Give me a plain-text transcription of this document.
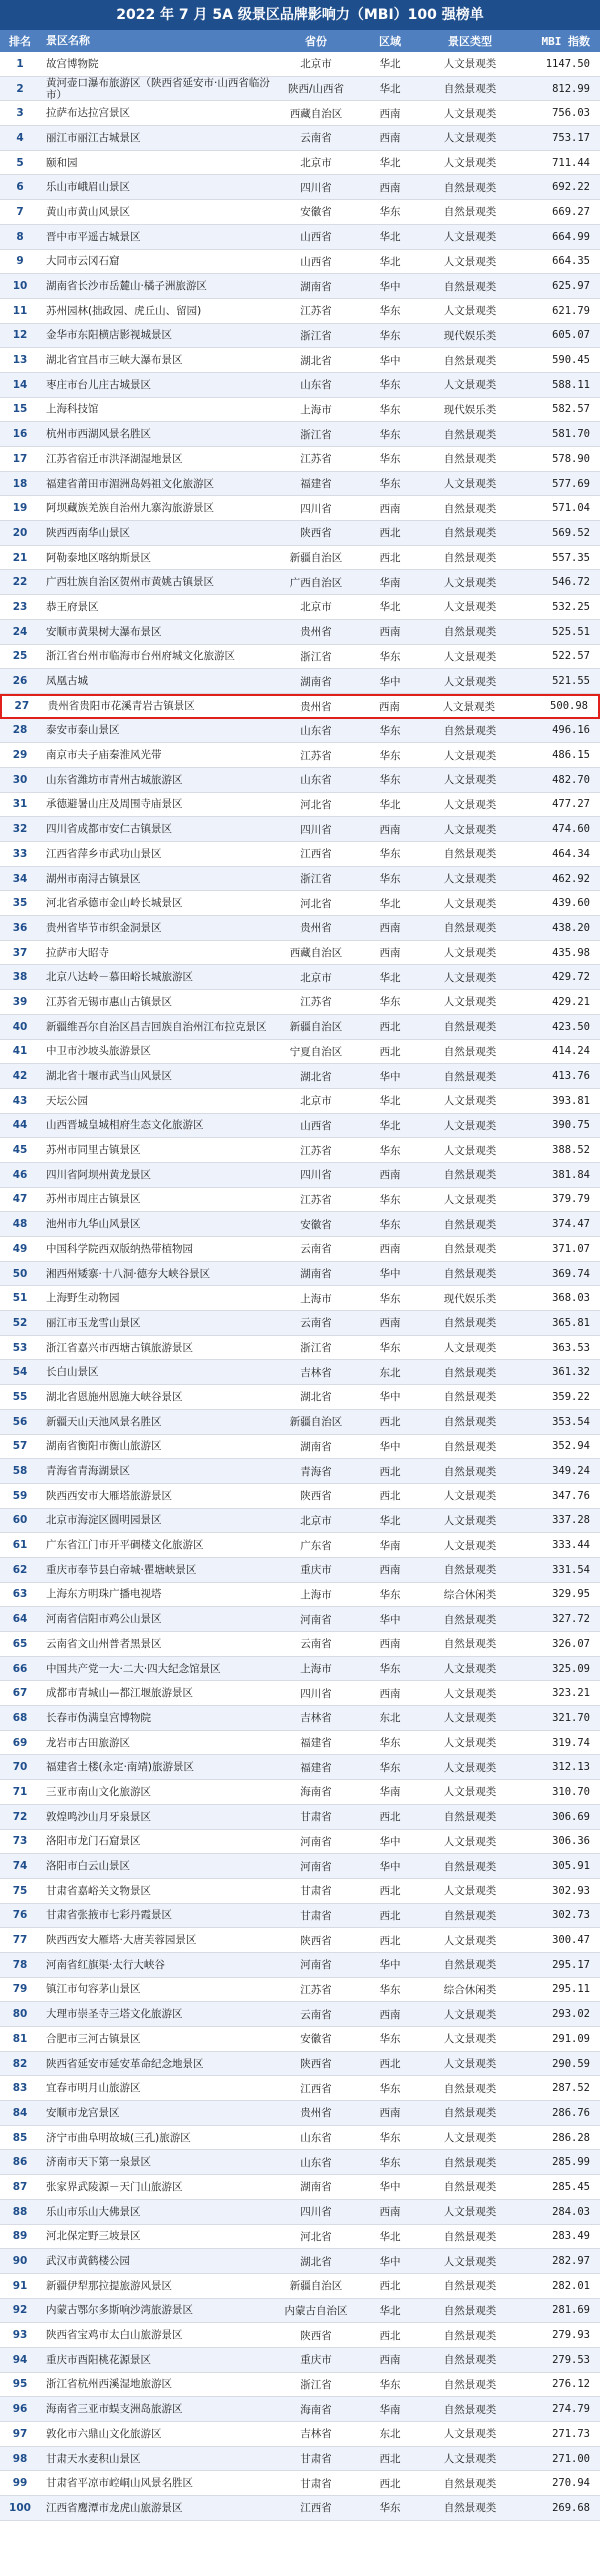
2022 年 7 月 5A 级景区品牌影响力（MBI）100 强榜单
排名	景区名称	省份	区域	景区类型	MBI 指数
1	故宫博物院	北京市	华北	人文景观类	1147.50
2	黄河壶口瀑布旅游区（陕西省延安市·山西省临汾市）	陕西/山西省	华北	自然景观类	812.99
3	拉萨布达拉宫景区	西藏自治区	西南	人文景观类	756.03
4	丽江市丽江古城景区	云南省	西南	人文景观类	753.17
5	颐和园	北京市	华北	人文景观类	711.44
6	乐山市峨眉山景区	四川省	西南	自然景观类	692.22
7	黄山市黄山风景区	安徽省	华东	自然景观类	669.27
8	晋中市平遥古城景区	山西省	华北	人文景观类	664.99
9	大同市云冈石窟	山西省	华北	人文景观类	664.35
10	湖南省长沙市岳麓山·橘子洲旅游区	湖南省	华中	自然景观类	625.97
11	苏州园林(拙政园、虎丘山、留园)	江苏省	华东	人文景观类	621.79
12	金华市东阳横店影视城景区	浙江省	华东	现代娱乐类	605.07
13	湖北省宜昌市三峡大瀑布景区	湖北省	华中	自然景观类	590.45
14	枣庄市台儿庄古城景区	山东省	华东	人文景观类	588.11
15	上海科技馆	上海市	华东	现代娱乐类	582.57
16	杭州市西湖风景名胜区	浙江省	华东	自然景观类	581.70
17	江苏省宿迁市洪泽湖湿地景区	江苏省	华东	自然景观类	578.90
18	福建省莆田市湄洲岛妈祖文化旅游区	福建省	华东	人文景观类	577.69
19	阿坝藏族羌族自治州九寨沟旅游景区	四川省	西南	自然景观类	571.04
20	陕西西南华山景区	陕西省	西北	自然景观类	569.52
21	阿勒泰地区喀纳斯景区	新疆自治区	西北	自然景观类	557.35
22	广西壮族自治区贺州市黄姚古镇景区	广西自治区	华南	人文景观类	546.72
23	恭王府景区	北京市	华北	人文景观类	532.25
24	安顺市黄果树大瀑布景区	贵州省	西南	自然景观类	525.51
25	浙江省台州市临海市台州府城文化旅游区	浙江省	华东	人文景观类	522.57
26	凤凰古城	湖南省	华中	人文景观类	521.55
27	贵州省贵阳市花溪青岩古镇景区	贵州省	西南	人文景观类	500.98
28	泰安市泰山景区	山东省	华东	自然景观类	496.16
29	南京市夫子庙秦淮风光带	江苏省	华东	人文景观类	486.15
30	山东省潍坊市青州古城旅游区	山东省	华东	人文景观类	482.70
31	承德避暑山庄及周围寺庙景区	河北省	华北	人文景观类	477.27
32	四川省成都市安仁古镇景区	四川省	西南	人文景观类	474.60
33	江西省萍乡市武功山景区	江西省	华东	自然景观类	464.34
34	湖州市南浔古镇景区	浙江省	华东	人文景观类	462.92
35	河北省承德市金山岭长城景区	河北省	华北	人文景观类	439.60
36	贵州省毕节市织金洞景区	贵州省	西南	自然景观类	438.20
37	拉萨市大昭寺	西藏自治区	西南	人文景观类	435.98
38	北京八达岭－慕田峪长城旅游区	北京市	华北	人文景观类	429.72
39	江苏省无锡市惠山古镇景区	江苏省	华东	人文景观类	429.21
40	新疆维吾尔自治区昌吉回族自治州江布拉克景区	新疆自治区	西北	自然景观类	423.50
41	中卫市沙坡头旅游景区	宁夏自治区	西北	自然景观类	414.24
42	湖北省十堰市武当山风景区	湖北省	华中	自然景观类	413.76
43	天坛公园	北京市	华北	人文景观类	393.81
44	山西晋城皇城相府生态文化旅游区	山西省	华北	人文景观类	390.75
45	苏州市同里古镇景区	江苏省	华东	人文景观类	388.52
46	四川省阿坝州黄龙景区	四川省	西南	自然景观类	381.84
47	苏州市周庄古镇景区	江苏省	华东	人文景观类	379.79
48	池州市九华山风景区	安徽省	华东	自然景观类	374.47
49	中国科学院西双版纳热带植物园	云南省	西南	自然景观类	371.07
50	湘西州矮寨·十八洞·德夯大峡谷景区	湖南省	华中	自然景观类	369.74
51	上海野生动物园	上海市	华东	现代娱乐类	368.03
52	丽江市玉龙雪山景区	云南省	西南	自然景观类	365.81
53	浙江省嘉兴市西塘古镇旅游景区	浙江省	华东	人文景观类	363.53
54	长白山景区	吉林省	东北	自然景观类	361.32
55	湖北省恩施州恩施大峡谷景区	湖北省	华中	自然景观类	359.22
56	新疆天山天池风景名胜区	新疆自治区	西北	自然景观类	353.54
57	湖南省衡阳市衡山旅游区	湖南省	华中	自然景观类	352.94
58	青海省青海湖景区	青海省	西北	自然景观类	349.24
59	陕西西安市大雁塔旅游景区	陕西省	西北	人文景观类	347.76
60	北京市海淀区圆明园景区	北京市	华北	人文景观类	337.28
61	广东省江门市开平碉楼文化旅游区	广东省	华南	人文景观类	333.44
62	重庆市奉节县白帝城·瞿塘峡景区	重庆市	西南	自然景观类	331.54
63	上海东方明珠广播电视塔	上海市	华东	综合休闲类	329.95
64	河南省信阳市鸡公山景区	河南省	华中	自然景观类	327.72
65	云南省文山州普者黑景区	云南省	西南	自然景观类	326.07
66	中国共产党一大·二大·四大纪念馆景区	上海市	华东	人文景观类	325.09
67	成都市青城山—都江堰旅游景区	四川省	西南	人文景观类	323.21
68	长春市伪满皇宫博物院	吉林省	东北	人文景观类	321.70
69	龙岩市古田旅游区	福建省	华东	人文景观类	319.74
70	福建省土楼(永定·南靖)旅游景区	福建省	华东	人文景观类	312.13
71	三亚市南山文化旅游区	海南省	华南	人文景观类	310.70
72	敦煌鸣沙山月牙泉景区	甘肃省	西北	自然景观类	306.69
73	洛阳市龙门石窟景区	河南省	华中	人文景观类	306.36
74	洛阳市白云山景区	河南省	华中	自然景观类	305.91
75	甘肃省嘉峪关文物景区	甘肃省	西北	人文景观类	302.93
76	甘肃省张掖市七彩丹霞景区	甘肃省	西北	自然景观类	302.73
77	陕西西安大雁塔·大唐芙蓉园景区	陕西省	西北	人文景观类	300.47
78	河南省红旗渠·太行大峡谷	河南省	华中	自然景观类	295.17
79	镇江市句容茅山景区	江苏省	华东	综合休闲类	295.11
80	大理市崇圣寺三塔文化旅游区	云南省	西南	人文景观类	293.02
81	合肥市三河古镇景区	安徽省	华东	人文景观类	291.09
82	陕西省延安市延安革命纪念地景区	陕西省	西北	人文景观类	290.59
83	宜春市明月山旅游区	江西省	华东	自然景观类	287.52
84	安顺市龙宫景区	贵州省	西南	自然景观类	286.76
85	济宁市曲阜明故城(三孔)旅游区	山东省	华东	人文景观类	286.28
86	济南市天下第一泉景区	山东省	华东	自然景观类	285.99
87	张家界武陵源－天门山旅游区	湖南省	华中	自然景观类	285.45
88	乐山市乐山大佛景区	四川省	西南	人文景观类	284.03
89	河北保定野三坡景区	河北省	华北	自然景观类	283.49
90	武汉市黄鹤楼公园	湖北省	华中	人文景观类	282.97
91	新疆伊犁那拉提旅游风景区	新疆自治区	西北	自然景观类	282.01
92	内蒙古鄂尔多斯响沙湾旅游景区	内蒙古自治区	华北	自然景观类	281.69
93	陕西省宝鸡市太白山旅游景区	陕西省	西北	自然景观类	279.93
94	重庆市酉阳桃花源景区	重庆市	西南	自然景观类	279.53
95	浙江省杭州西溪湿地旅游区	浙江省	华东	自然景观类	276.12
96	海南省三亚市蜈支洲岛旅游区	海南省	华南	自然景观类	274.79
97	敦化市六鼎山文化旅游区	吉林省	东北	人文景观类	271.73
98	甘肃天水麦积山景区	甘肃省	西北	人文景观类	271.00
99	甘肃省平凉市崆峒山风景名胜区	甘肃省	西北	自然景观类	270.94
100	江西省鹰潭市龙虎山旅游景区	江西省	华东	自然景观类	269.68
